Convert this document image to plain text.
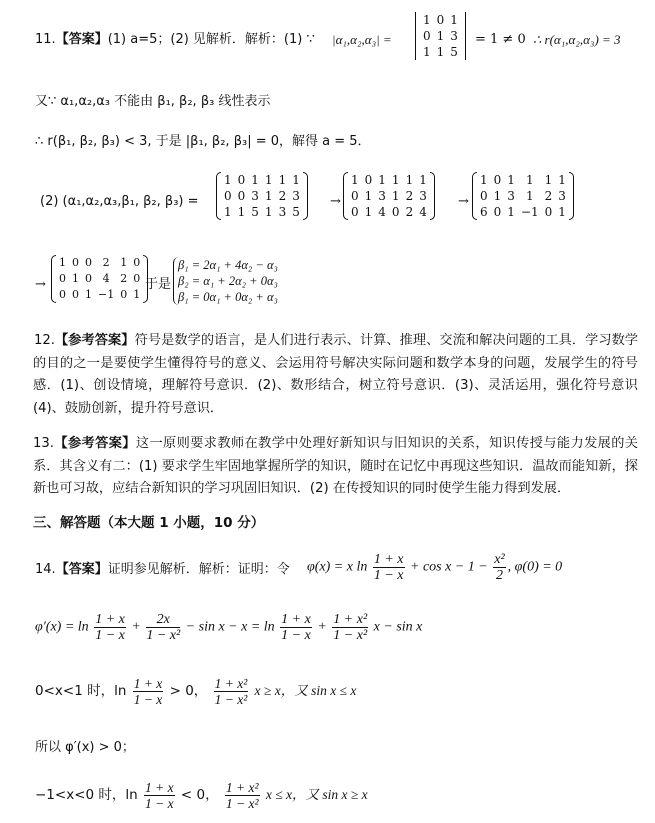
11.【答案】(1) a=5；(2) 见解析．解析：(1) ∵ |α₁,α₂,α₃| =
1	0	1
0	1	3
1	1	5
= 1 ≠ 0 ∴ r(α₁,α₂,α₃) = 3
又∵ α₁,α₂,α₃ 不能由 β₁, β₂, β₃ 线性表示
∴ r(β₁, β₂, β₃) < 3, 于是 |β₁, β₂, β₃| = 0，解得 a = 5．
(2) (α₁,α₂,α₃,β₁, β₂, β₃) =
1	0	1	1	1	1
0	0	3	1	2	3
1	1	5	1	3	5
→
1	0	1	1	1	1
0	1	3	1	2	3
0	1	4	0	2	4
→
1	0	1	1	1	1
0	1	3	1	2	3
6	0	1	−1	0	1
→
1	0	0	2	1	0
0	1	0	4	2	0
0	0	1	−1	0	1
于是
β₁ = 2α₁ + 4α₂ − α₃
β₂ = α₁ + 2α₂ + 0α₃
β₁ = 0α₁ + 0α₂ + α₃
12.【参考答案】符号是数学的语言，是人们进行表示、计算、推理、交流和解决问题的工具．学习数学的目的之一是要使学生懂得符号的意义、会运用符号解决实际问题和数学本身的问题，发展学生的符号感．(1)、创设情境，理解符号意识．(2)、数形结合，树立符号意识．(3)、灵活运用，强化符号意识 (4)、鼓励创新，提升符号意识．
13.【参考答案】这一原则要求教师在教学中处理好新知识与旧知识的关系，知识传授与能力发展的关系．其含义有二：(1) 要求学生牢固地掌握所学的知识，随时在记忆中再现这些知识．温故而能知新，探新也可习故，应结合新知识的学习巩固旧知识．(2) 在传授知识的同时使学生能力得到发展．
三、解答题（本大题 1 小题，10 分）
14.【答案】证明参见解析．解析：证明：令 φ(x) = x $\ln \frac{1 + x}{1 - x} + \cos x - 1 - \frac{\text{x²}}{2}$ , φ(0) = 0
$\varphi'(x) = \ln \frac{1 + x}{1 - x} + \frac{2x}{\text{1 − x²}} - \sin x - x = \ln \frac{1 + x}{1 - x} + \frac{\text{1 + x²}}{\text{1 − x²}}$ x − sin x
0<x<1 时，$\ln \frac{1 + x}{1 - x} > 0$， $\frac{\text{1 + x²}}{\text{1 − x²}}$ x ≥ x，又 sin x ≤ x
所以 φ′(x) > 0；
−1<x<0 时，$\ln \frac{1 + x}{1 - x} < 0$， $\frac{\text{1 + x²}}{\text{1 − x²}}$ x ≤ x，又 sin x ≥ x
